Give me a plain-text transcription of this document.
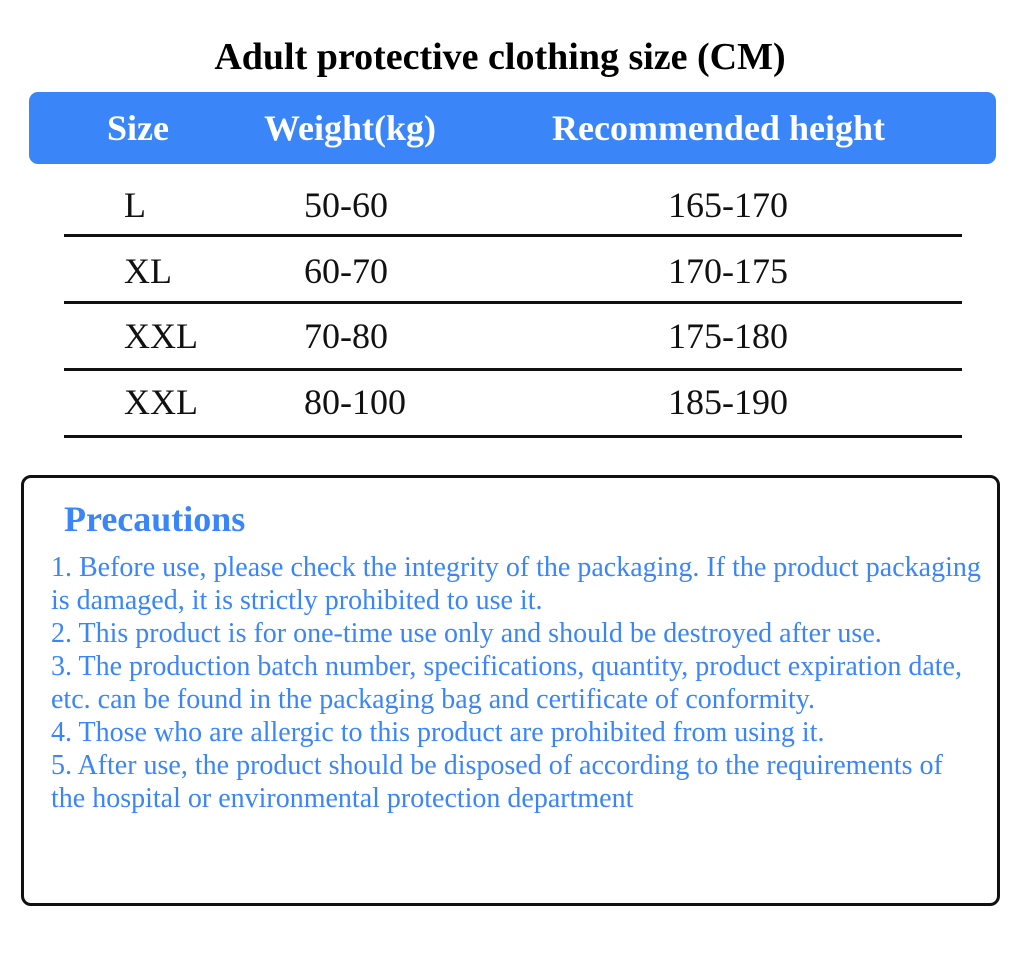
Adult protective clothing size (CM)
Size	Weight(kg)	Recommended height
L	50-60	165-170
XL	60-70	170-175
XXL	70-80	175-180
XXL	80-100	185-190
Precautions
1. Before use, please check the integrity of the packaging. If the product packaging is damaged, it is strictly prohibited to use it.
2. This product is for one-time use only and should be destroyed after use.
3. The production batch number, specifications, quantity, product expiration date, etc. can be found in the packaging bag and certificate of conformity.
4. Those who are allergic to this product are prohibited from using it.
5. After use, the product should be disposed of according to the requirements of the hospital or environmental protection department
